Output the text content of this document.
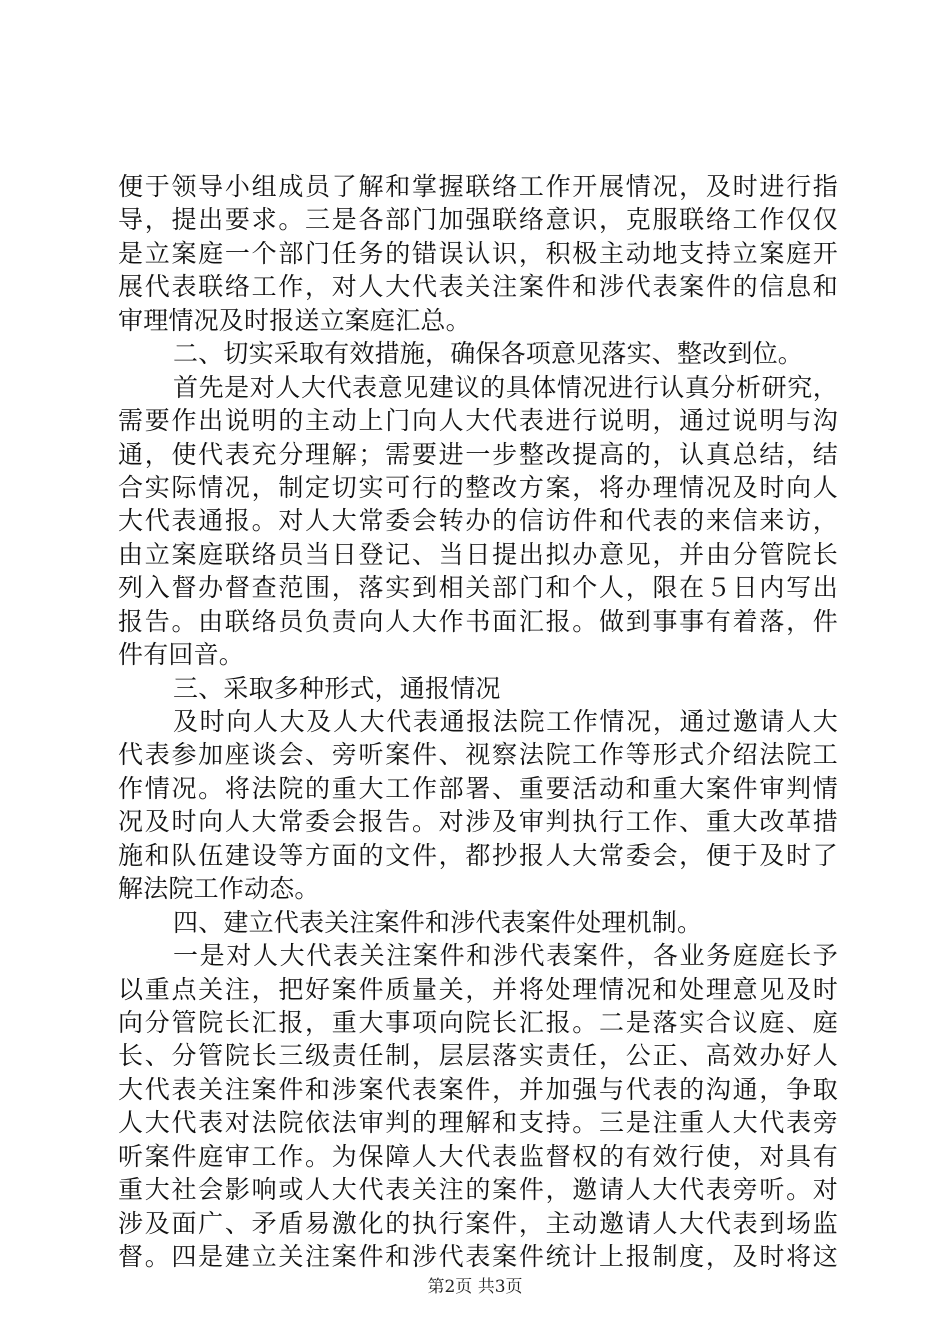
便于领导小组成员了解和掌握联络工作开展情况，及时进行指
导，提出要求。三是各部门加强联络意识，克服联络工作仅仅
是立案庭一个部门任务的错误认识，积极主动地支持立案庭开
展代表联络工作，对人大代表关注案件和涉代表案件的信息和
审理情况及时报送立案庭汇总。
二、切实采取有效措施，确保各项意见落实、整改到位。
首先是对人大代表意见建议的具体情况进行认真分析研究，
需要作出说明的主动上门向人大代表进行说明，通过说明与沟
通，使代表充分理解；需要进一步整改提高的，认真总结，结
合实际情况，制定切实可行的整改方案，将办理情况及时向人
大代表通报。对人大常委会转办的信访件和代表的来信来访，
由立案庭联络员当日登记、当日提出拟办意见，并由分管院长
列入督办督查范围，落实到相关部门和个人，限在５日内写出
报告。由联络员负责向人大作书面汇报。做到事事有着落，件
件有回音。
三、采取多种形式，通报情况
及时向人大及人大代表通报法院工作情况，通过邀请人大
代表参加座谈会、旁听案件、视察法院工作等形式介绍法院工
作情况。将法院的重大工作部署、重要活动和重大案件审判情
况及时向人大常委会报告。对涉及审判执行工作、重大改革措
施和队伍建设等方面的文件，都抄报人大常委会，便于及时了
解法院工作动态。
四、建立代表关注案件和涉代表案件处理机制。
一是对人大代表关注案件和涉代表案件，各业务庭庭长予
以重点关注，把好案件质量关，并将处理情况和处理意见及时
向分管院长汇报，重大事项向院长汇报。二是落实合议庭、庭
长、分管院长三级责任制，层层落实责任，公正、高效办好人
大代表关注案件和涉案代表案件，并加强与代表的沟通，争取
人大代表对法院依法审判的理解和支持。三是注重人大代表旁
听案件庭审工作。为保障人大代表监督权的有效行使，对具有
重大社会影响或人大代表关注的案件，邀请人大代表旁听。对
涉及面广、矛盾易激化的执行案件，主动邀请人大代表到场监
督。四是建立关注案件和涉代表案件统计上报制度，及时将这
第2页 共3页
